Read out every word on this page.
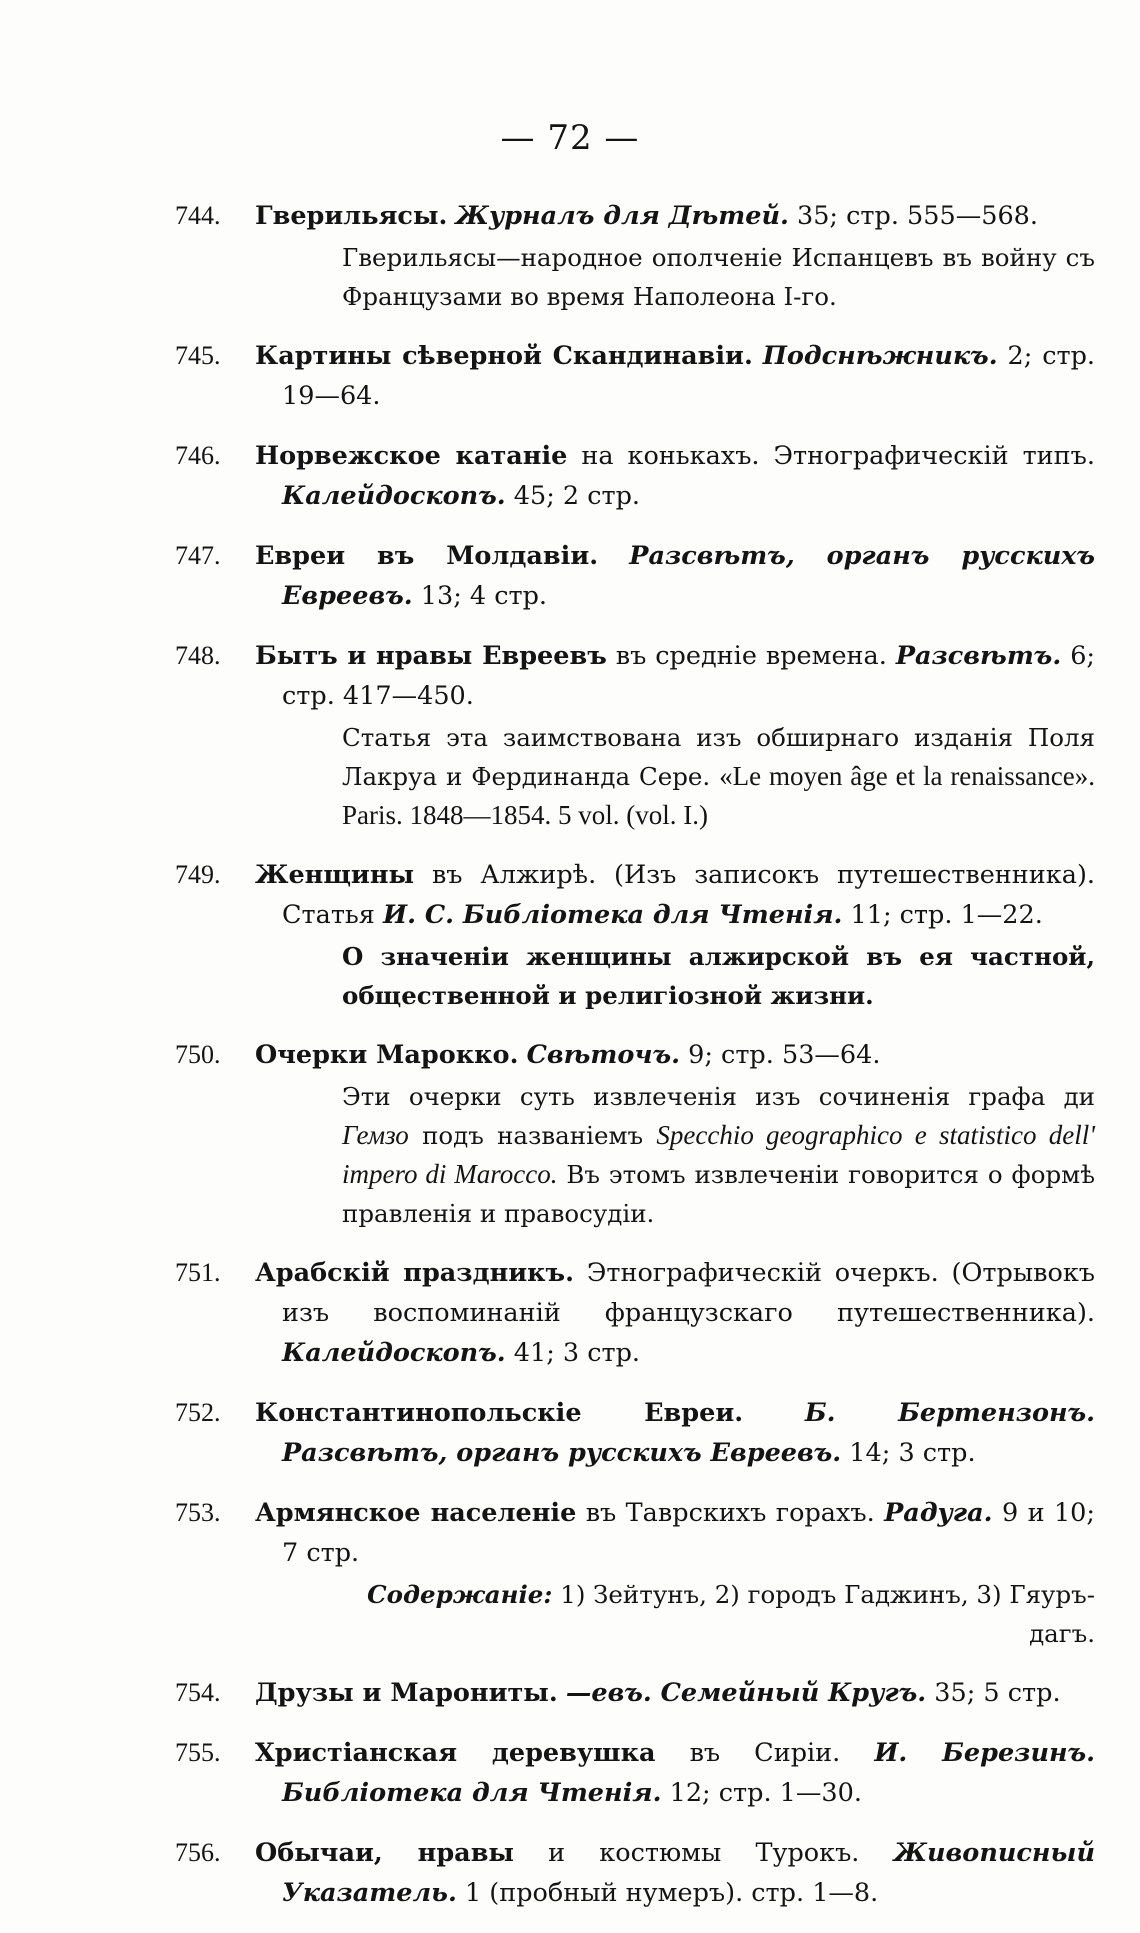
— 72 —
744. Гверильясы. Журналъ для Дѣтей. 35; стр. 555—568.
Гверильясы—народное ополченіе Испанцевъ въ войну съ Французами во время Наполеона І-го.
745. Картины сѣверной Скандинавіи. Подснѣжникъ. 2; стр. 19—64.
746. Норвежское катаніе на конькахъ. Этнографическій типъ. Калейдоскопъ. 45; 2 стр.
747. Евреи въ Молдавіи. Разсвѣтъ, органъ русскихъ Евреевъ. 13; 4 стр.
748. Бытъ и нравы Евреевъ въ средніе времена. Разсвѣтъ. 6; стр. 417—450.
Статья эта заимствована изъ обширнаго изданія Поля Лакруа и Фердинанда Сере. «Le moyen âge et la renaissance». Paris. 1848—1854. 5 vol. (vol. I.)
749. Женщины въ Алжирѣ. (Изъ записокъ путешественника). Статья И. С. Библіотека для Чтенія. 11; стр. 1—22.
О значеніи женщины алжирской въ ея частной, общественной и религіозной жизни.
750. Очерки Марокко. Свѣточъ. 9; стр. 53—64.
Эти очерки суть извлеченія изъ сочиненія графа ди Гемзо подъ названіемъ Specchio geographico e statistico dell' impero di Marocco. Въ этомъ извлеченіи говорится о формѣ правленія и правосудіи.
751. Арабскій праздникъ. Этнографическій очеркъ. (Отрывокъ изъ воспоминаній французскаго путешественника). Калейдоскопъ. 41; 3 стр.
752. Константинопольскіе Евреи. Б. Бертензонъ. Разсвѣтъ, органъ русскихъ Евреевъ. 14; 3 стр.
753. Армянское населеніе въ Таврскихъ горахъ. Радуга. 9 и 10; 7 стр.
Содержаніе: 1) Зейтунъ, 2) городъ Гаджинъ, 3) Гяуръ-дагъ.
754. Друзы и Марониты. —евъ. Семейный Кругъ. 35; 5 стр.
755. Христіанская деревушка въ Сиріи. И. Березинъ. Библіотека для Чтенія. 12; стр. 1—30.
756. Обычаи, нравы и костюмы Турокъ. Живописный Указатель. 1 (пробный нумеръ). стр. 1—8.
